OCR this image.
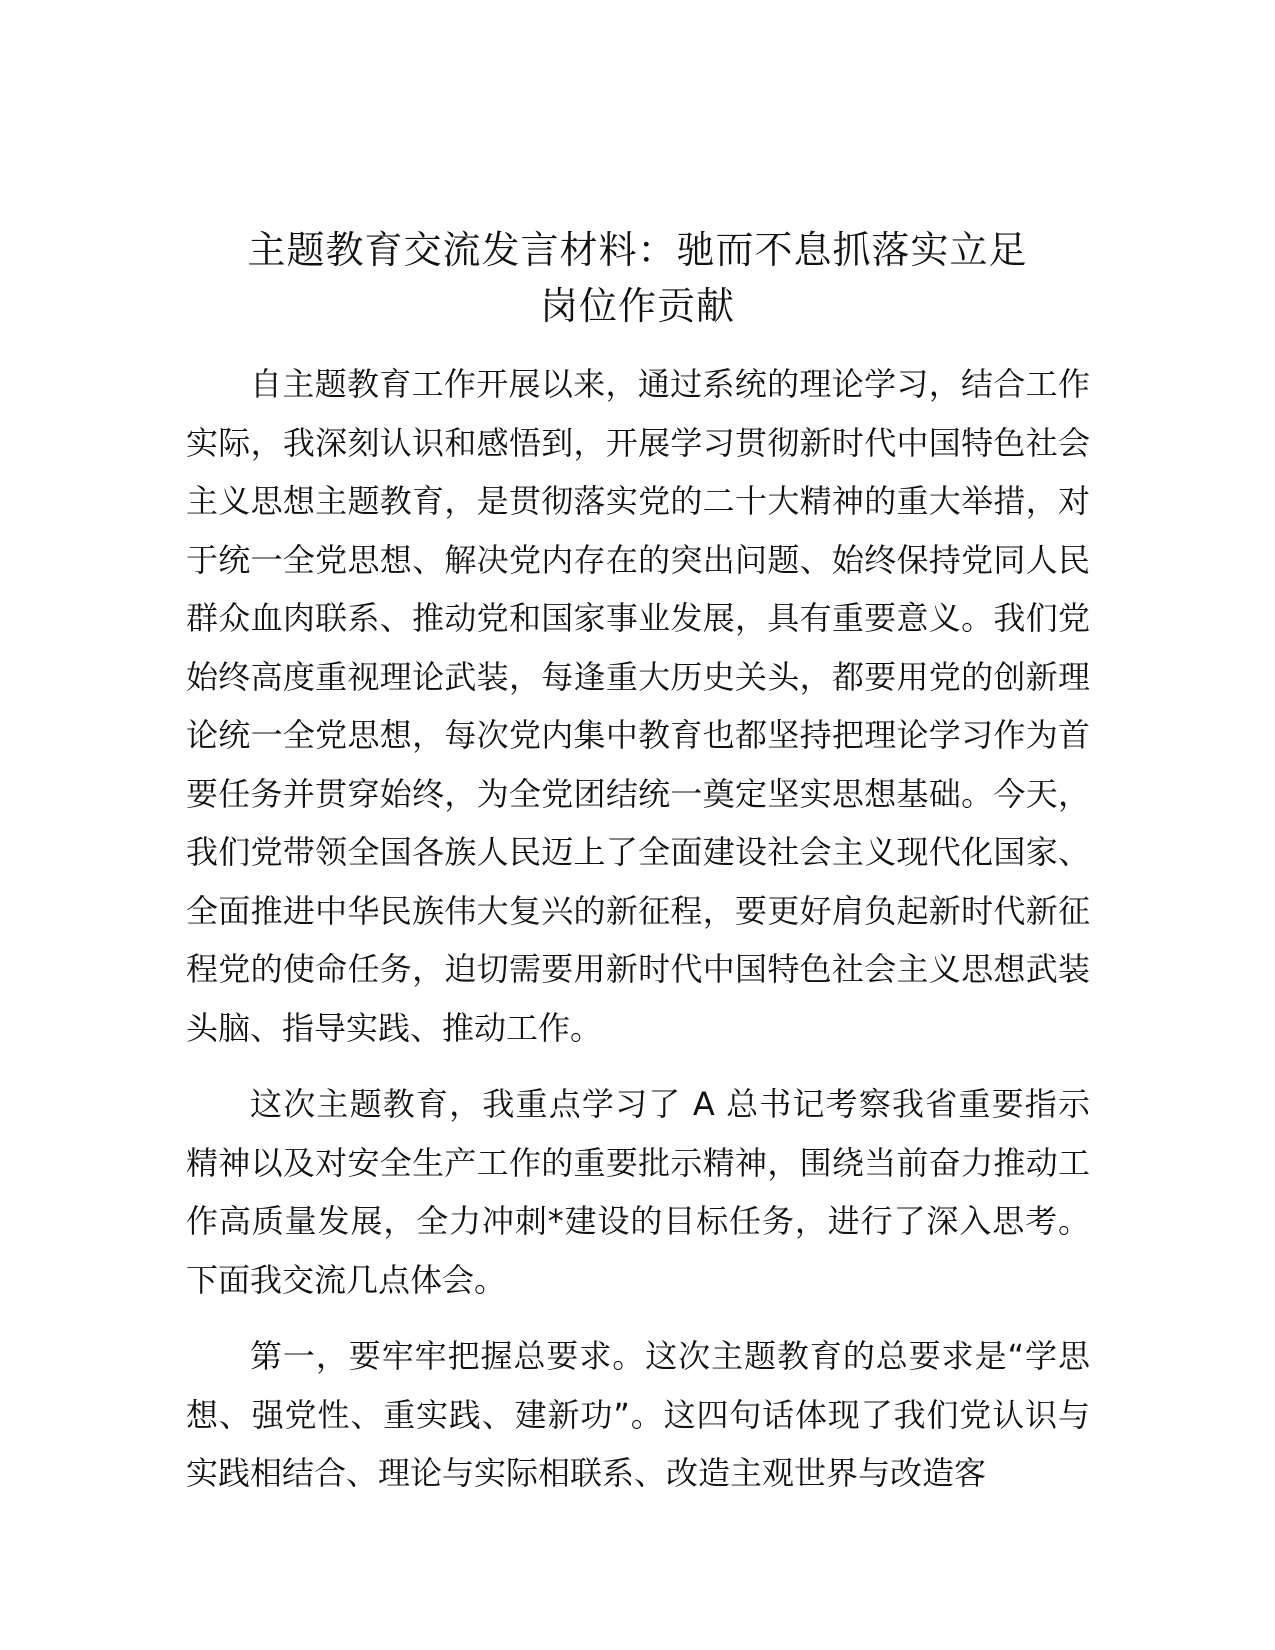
主题教育交流发言材料：驰而不息抓落实立足
岗位作贡献

自主题教育工作开展以来，通过系统的理论学习，结合工作实际，我深刻认识和感悟到，开展学习贯彻新时代中国特色社会主义思想主题教育，是贯彻落实党的二十大精神的重大举措，对于统一全党思想、解决党内存在的突出问题、始终保持党同人民群众血肉联系、推动党和国家事业发展，具有重要意义。我们党始终高度重视理论武装，每逢重大历史关头，都要用党的创新理论统一全党思想，每次党内集中教育也都坚持把理论学习作为首要任务并贯穿始终，为全党团结统一奠定坚实思想基础。今天，我们党带领全国各族人民迈上了全面建设社会主义现代化国家、全面推进中华民族伟大复兴的新征程，要更好肩负起新时代新征程党的使命任务，迫切需要用新时代中国特色社会主义思想武装头脑、指导实践、推动工作。

这次主题教育，我重点学习了 A 总书记考察我省重要指示精神以及对安全生产工作的重要批示精神，围绕当前奋力推动工作高质量发展，全力冲刺*建设的目标任务，进行了深入思考。下面我交流几点体会。

第一，要牢牢把握总要求。这次主题教育的总要求是“学思想、强党性、重实践、建新功”。这四句话体现了我们党认识与实践相结合、理论与实际相联系、改造主观世界与改造客
